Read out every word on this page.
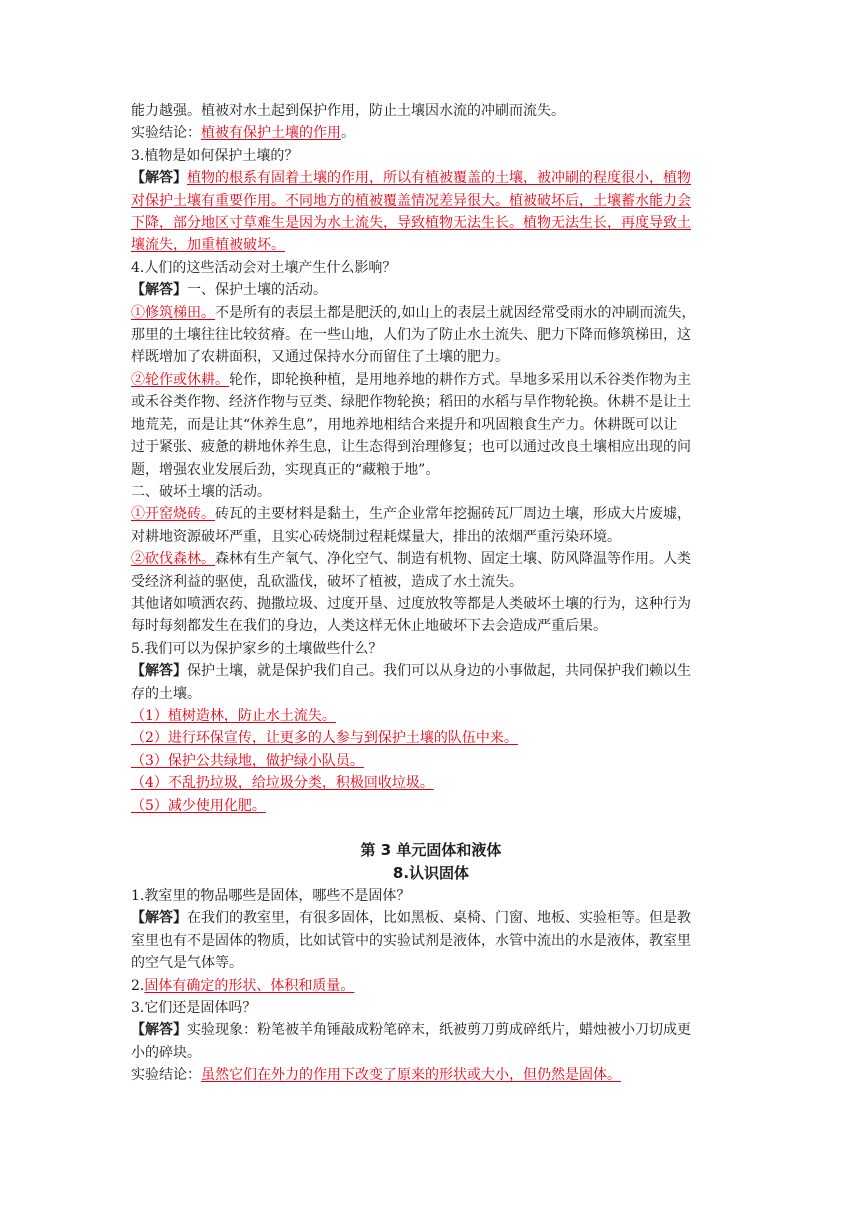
能力越强。植被对水土起到保护作用，防止土壤因水流的冲刷而流失。

实验结论：植被有保护土壤的作用。

3.植物是如何保护土壤的？

【解答】植物的根系有固着土壤的作用，所以有植被覆盖的土壤，被冲刷的程度很小，植物

对保护土壤有重要作用。不同地方的植被覆盖情况差异很大。植被破坏后，土壤蓄水能力会

下降，部分地区寸草难生是因为水土流失，导致植物无法生长。植物无法生长，再度导致土

壤流失，加重植被破坏。

4.人们的这些活动会对土壤产生什么影响？

【解答】一、保护土壤的活动。

①修筑梯田。不是所有的表层土都是肥沃的,如山上的表层土就因经常受雨水的冲刷而流失，

那里的土壤往往比较贫瘠。在一些山地，人们为了防止水土流失、肥力下降而修筑梯田，这

样既增加了农耕面积，又通过保持水分而留住了土壤的肥力。

②轮作或休耕。轮作，即轮换种植，是用地养地的耕作方式。旱地多采用以禾谷类作物为主

或禾谷类作物、经济作物与豆类、绿肥作物轮换；稻田的水稻与旱作物轮换。休耕不是让土

地荒芜，而是让其“休养生息”，用地养地相结合来提升和巩固粮食生产力。休耕既可以让

过于紧张、疲惫的耕地休养生息，让生态得到治理修复；也可以通过改良土壤相应出现的问

题，增强农业发展后劲，实现真正的“藏粮于地”。

二、破坏土壤的活动。

①开窑烧砖。砖瓦的主要材料是黏土，生产企业常年挖掘砖瓦厂周边土壤，形成大片废墟，

对耕地资源破坏严重，且实心砖烧制过程耗煤量大，排出的浓烟严重污染环境。

②砍伐森林。森林有生产氧气、净化空气、制造有机物、固定土壤、防风降温等作用。人类

受经济利益的驱使，乱砍滥伐，破坏了植被，造成了水土流失。

其他诸如喷洒农药、抛撒垃圾、过度开垦、过度放牧等都是人类破坏土壤的行为，这种行为

每时每刻都发生在我们的身边，人类这样无休止地破坏下去会造成严重后果。

5.我们可以为保护家乡的土壤做些什么？

【解答】保护土壤，就是保护我们自己。我们可以从身边的小事做起，共同保护我们赖以生

存的土壤。

（1）植树造林，防止水土流失。

（2）进行环保宣传，让更多的人参与到保护土壤的队伍中来。

（3）保护公共绿地，做护绿小队员。

（4）不乱扔垃圾，给垃圾分类，积极回收垃圾。

（5）减少使用化肥。

第 3 单元固体和液体

8.认识固体

1.教室里的物品哪些是固体，哪些不是固体？

【解答】在我们的教室里，有很多固体，比如黑板、桌椅、门窗、地板、实验柜等。但是教

室里也有不是固体的物质，比如试管中的实验试剂是液体，水管中流出的水是液体，教室里

的空气是气体等。

2.固体有确定的形状、体积和质量。

3.它们还是固体吗？

【解答】实验现象：粉笔被羊角锤敲成粉笔碎末，纸被剪刀剪成碎纸片，蜡烛被小刀切成更

小的碎块。

实验结论：虽然它们在外力的作用下改变了原来的形状或大小，但仍然是固体。
